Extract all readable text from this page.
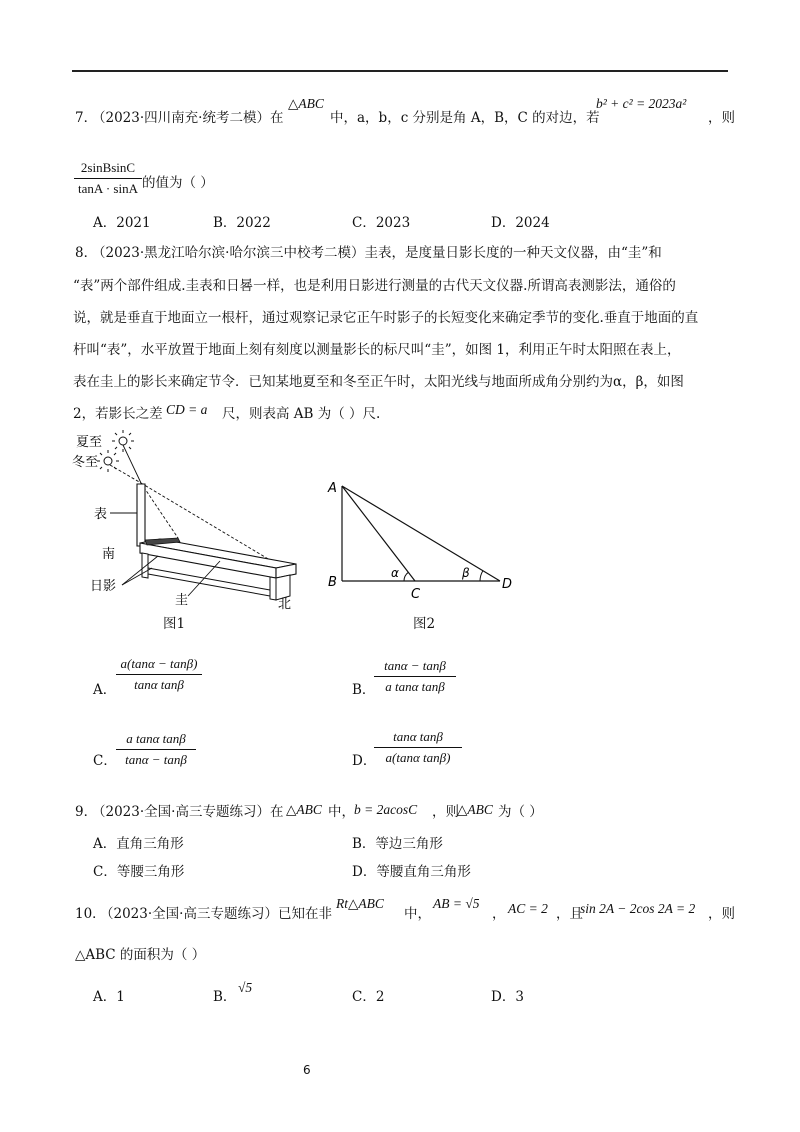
7．
（2023·四川南充·统考二模）在
△ABC
中，a，b，c 分别是角 A，B，C 的对边，若
b² + c² = 2023a²
，则
2sinBsinC
tanA · sinA 的值为（ ）
A．2021	B．2022	C．2023	D．2024
8．
（2023·黑龙江哈尔滨·哈尔滨三中校考二模）圭表，是度量日影长度的一种天文仪器，由“圭”和
“表”两个部件组成.圭表和日晷一样，也是利用日影进行测量的古代天文仪器.所谓高表测影法，通俗的
说，就是垂直于地面立一根杆，通过观察记录它正午时影子的长短变化来确定季节的变化.垂直于地面的直
杆叫“表”，水平放置于地面上刻有刻度以测量影长的标尺叫“圭”，如图 1，利用正午时太阳照在表上，
表在圭上的影长来确定节令．已知某地夏至和冬至正午时，太阳光线与地面所成角分别约为α，β，如图
2，若影长之差 CD = a 尺，则表高 AB 为（ ）尺.
夏至
冬至
表
南
日影
圭	北
图1
A
B
C
D
α	β
图2
A．
a(tanα − tanβ)
tanα tanβ	B．
tanα − tanβ
a tanα tanβ
C．
a tanα tanβ
tanα − tanβ	D．
tanα tanβ
a(tanα tanβ)
9．
（2023·全国·高三专题练习）在 △ABC 中， b = 2acosC ，则
△ABC 为（ ）
A．直角三角形	B．等边三角形
C．等腰三角形	D．等腰直角三角形
10．
（2023·全国·高三专题练习）已知在非
Rt△ABC
中，
AB = √5
， AC = 2 ，且
sin 2A − 2cos 2A = 2 ，则
△ABC 的面积为（ ）
A．1	B．
√5
C．2	D．3
6
